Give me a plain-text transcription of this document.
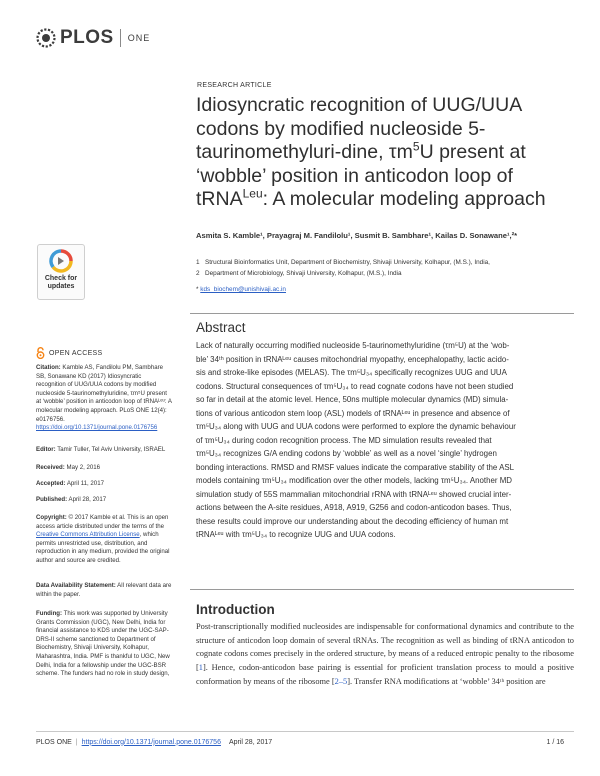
PLOS ONE
RESEARCH ARTICLE
Idiosyncratic recognition of UUG/UUA codons by modified nucleoside 5-taurinomethyluri-dine, $\tau m^5U$ present at ‘wobble’ position in anticodon loop of tRNA$^{Leu}$: A molecular modeling approach
Asmita S. Kamble¹, Prayagraj M. Fandilolu¹, Susmit B. Sambhare¹, Kailas D. Sonawane¹,²*
1 Structural Bioinformatics Unit, Department of Biochemistry, Shivaji University, Kolhapur, (M.S.), India,
2 Department of Microbiology, Shivaji University, Kolhapur, (M.S.), India
* kds_biochem@unishivaji.ac.in
Check for
updates
Abstract
Lack of naturally occurring modified nucleoside 5-taurinomethyluridine (τm⁵U) at the ‘wob-
ble’ 34ᵗʰ position in tRNAᴸᵉᵘ causes mitochondrial myopathy, encephalopathy, lactic acido-
sis and stroke-like episodes (MELAS). The τm⁵U₃₄ specifically recognizes UUG and UUA
codons. Structural consequences of τm⁵U₃₄ to read cognate codons have not been studied
so far in detail at the atomic level. Hence, 50ns multiple molecular dynamics (MD) simula-
tions of various anticodon stem loop (ASL) models of tRNAᴸᵉᵘ in presence and absence of
τm⁵U₃₄ along with UUG and UUA codons were performed to explore the dynamic behaviour
of τm⁵U₃₄ during codon recognition process. The MD simulation results revealed that
τm⁵U₃₄ recognizes G/A ending codons by ‘wobble’ as well as a novel ‘single’ hydrogen
bonding interactions. RMSD and RMSF values indicate the comparative stability of the ASL
models containing τm⁵U₃₄ modification over the other models, lacking τm⁵U₃₄. Another MD
simulation study of 55S mammalian mitochondrial rRNA with tRNAᴸᵉᵘ showed crucial inter-
actions between the A-site residues, A918, A919, G256 and codon-anticodon bases. Thus,
these results could improve our understanding about the decoding efficiency of human mt
tRNAᴸᵉᵘ with τm⁵U₃₄ to recognize UUG and UUA codons.
Introduction

Post-transcriptionally modified nucleosides are indispensable for conformational dynamics and contribute to the structure of anticodon loop domain of several tRNAs. The recognition as well as binding of tRNA anticodon to cognate codons comes precisely in the ordered structure, by means of a reduced entropic penalty to the ribosome [1]. Hence, codon-anticodon base pairing is essential for proficient translation process to mould a positive conformation by means of the ribosome [2–5]. Transfer RNA modifications at ‘wobble’ 34ᵗʰ position are

OPEN ACCESS
Citation: Kamble AS, Fandilolu PM, Sambhare SB, Sonawane KD (2017) Idiosyncratic recognition of UUG/UUA codons by modified nucleoside 5-taurinomethyluridine, τm⁵U present at ‘wobble’ position in anticodon loop of tRNAᴸᵉᵘ: A molecular modeling approach. PLoS ONE 12(4): e0176756. https://doi.org/10.1371/journal.pone.0176756
Editor: Tamir Tuller, Tel Aviv University, ISRAEL
Received: May 2, 2016
Accepted: April 11, 2017
Published: April 28, 2017
Copyright: © 2017 Kamble et al. This is an open access article distributed under the terms of the Creative Commons Attribution License, which permits unrestricted use, distribution, and reproduction in any medium, provided the original author and source are credited.
Data Availability Statement: All relevant data are within the paper.
Funding: This work was supported by University Grants Commission (UGC), New Delhi, India for financial assistance to KDS under the UGC-SAP-DRS-II scheme sanctioned to Department of Biochemistry, Shivaji University, Kolhapur, Maharashtra, India. PMF is thankful to UGC, New Delhi, India for a fellowship under the UGC-BSR scheme. The funders had no role in study design,
PLOS ONE | https://doi.org/10.1371/journal.pone.0176756 April 28, 2017	1 / 16
